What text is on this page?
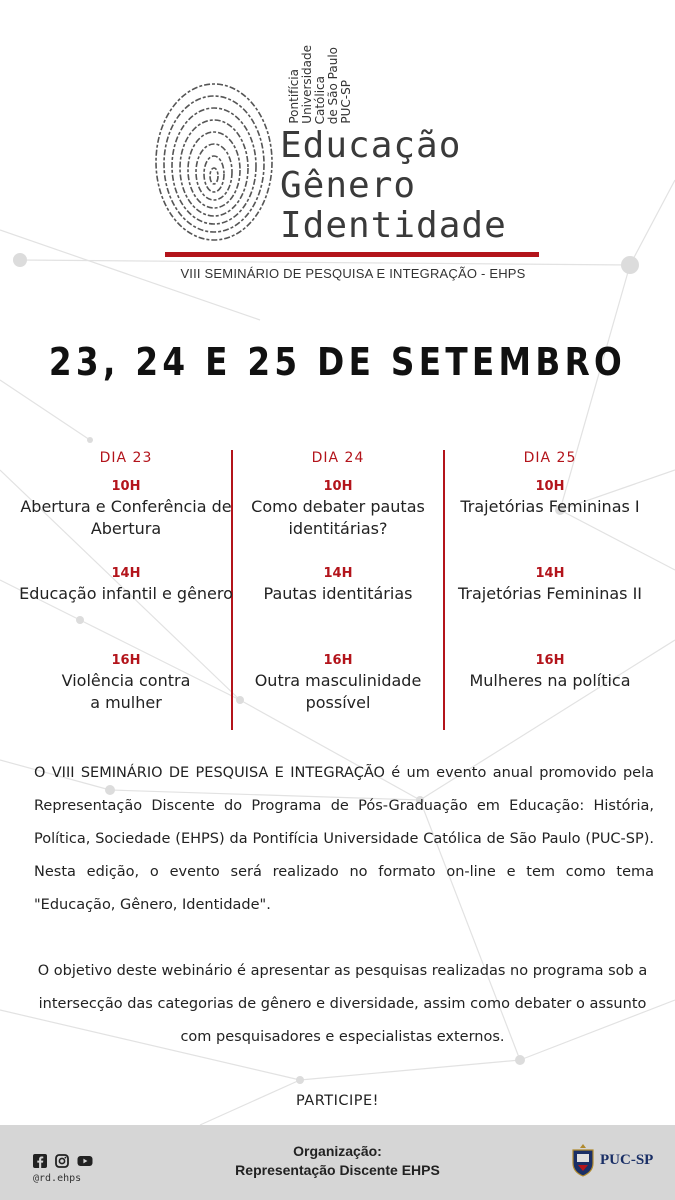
Pontifícia Universidade Católica de São Paulo PUC-SP
Educação
Gênero
Identidade
VIII SEMINÁRIO DE PESQUISA E INTEGRAÇÃO - EHPS
23, 24 E 25 DE SETEMBRO
DIA 23	DIA 24	DIA 25
10H
Abertura e Conferência de Abertura
14H
Educação infantil e gênero
16H
Violência contra a mulher
10H
Como debater pautas identitárias?
14H
Pautas identitárias
16H
Outra masculinidade possível
10H
Trajetórias Femininas I
14H
Trajetórias Femininas II
16H
Mulheres na política
O VIII SEMINÁRIO DE PESQUISA E INTEGRAÇÃO é um evento anual promovido pela Representação Discente do Programa de Pós-Graduação em Educação: História, Política, Sociedade (EHPS) da Pontifícia Universidade Católica de São Paulo (PUC-SP). Nesta edição, o evento será realizado no formato on-line e tem como tema "Educação, Gênero, Identidade".
O objetivo deste webinário é apresentar as pesquisas realizadas no programa sob a intersecção das categorias de gênero e diversidade, assim como debater o assunto com pesquisadores e especialistas externos.
PARTICIPE!
@rd.ehps
Organização:
Representação Discente EHPS
PUC-SP
